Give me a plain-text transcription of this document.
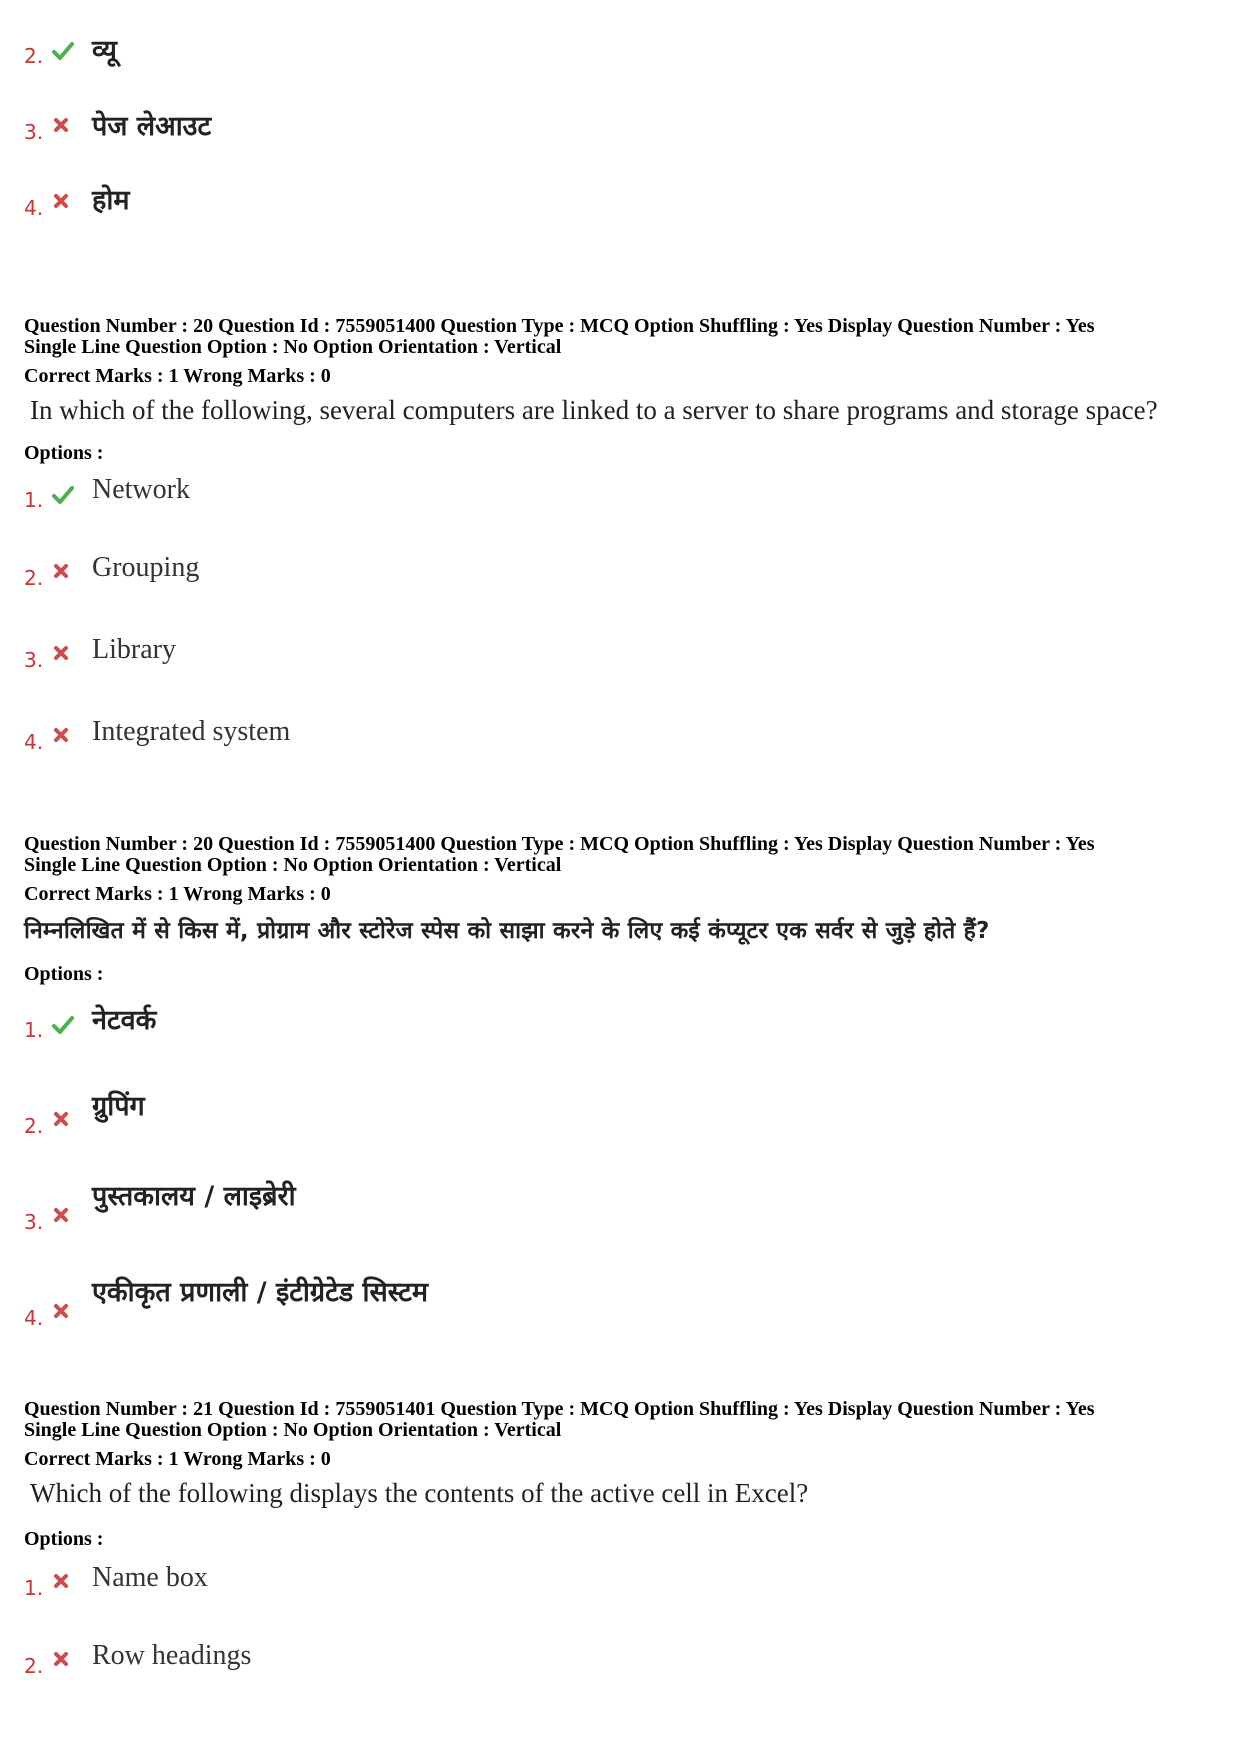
2. व्यू
3. पेज लेआउट
4. होम
Question Number : 20 Question Id : 7559051400 Question Type : MCQ Option Shuffling : Yes Display Question Number : Yes
Single Line Question Option : No Option Orientation : Vertical
Correct Marks : 1 Wrong Marks : 0
In which of the following, several computers are linked to a server to share programs and storage space?
Options :
1. Network
2. Grouping
3. Library
4. Integrated system
Question Number : 20 Question Id : 7559051400 Question Type : MCQ Option Shuffling : Yes Display Question Number : Yes
Single Line Question Option : No Option Orientation : Vertical
Correct Marks : 1 Wrong Marks : 0
निम्नलिखित में से किस में, प्रोग्राम और स्टोरेज स्पेस को साझा करने के लिए कई कंप्यूटर एक सर्वर से जुड़े होते हैं?
Options :
1. नेटवर्क
2.
ग्रुपिंग
3.
पुस्तकालय / लाइब्रेरी
4.
एकीकृत प्रणाली / इंटीग्रेटेड सिस्टम
Question Number : 21 Question Id : 7559051401 Question Type : MCQ Option Shuffling : Yes Display Question Number : Yes
Single Line Question Option : No Option Orientation : Vertical
Correct Marks : 1 Wrong Marks : 0
Which of the following displays the contents of the active cell in Excel?
Options :
1. Name box
2. Row headings
